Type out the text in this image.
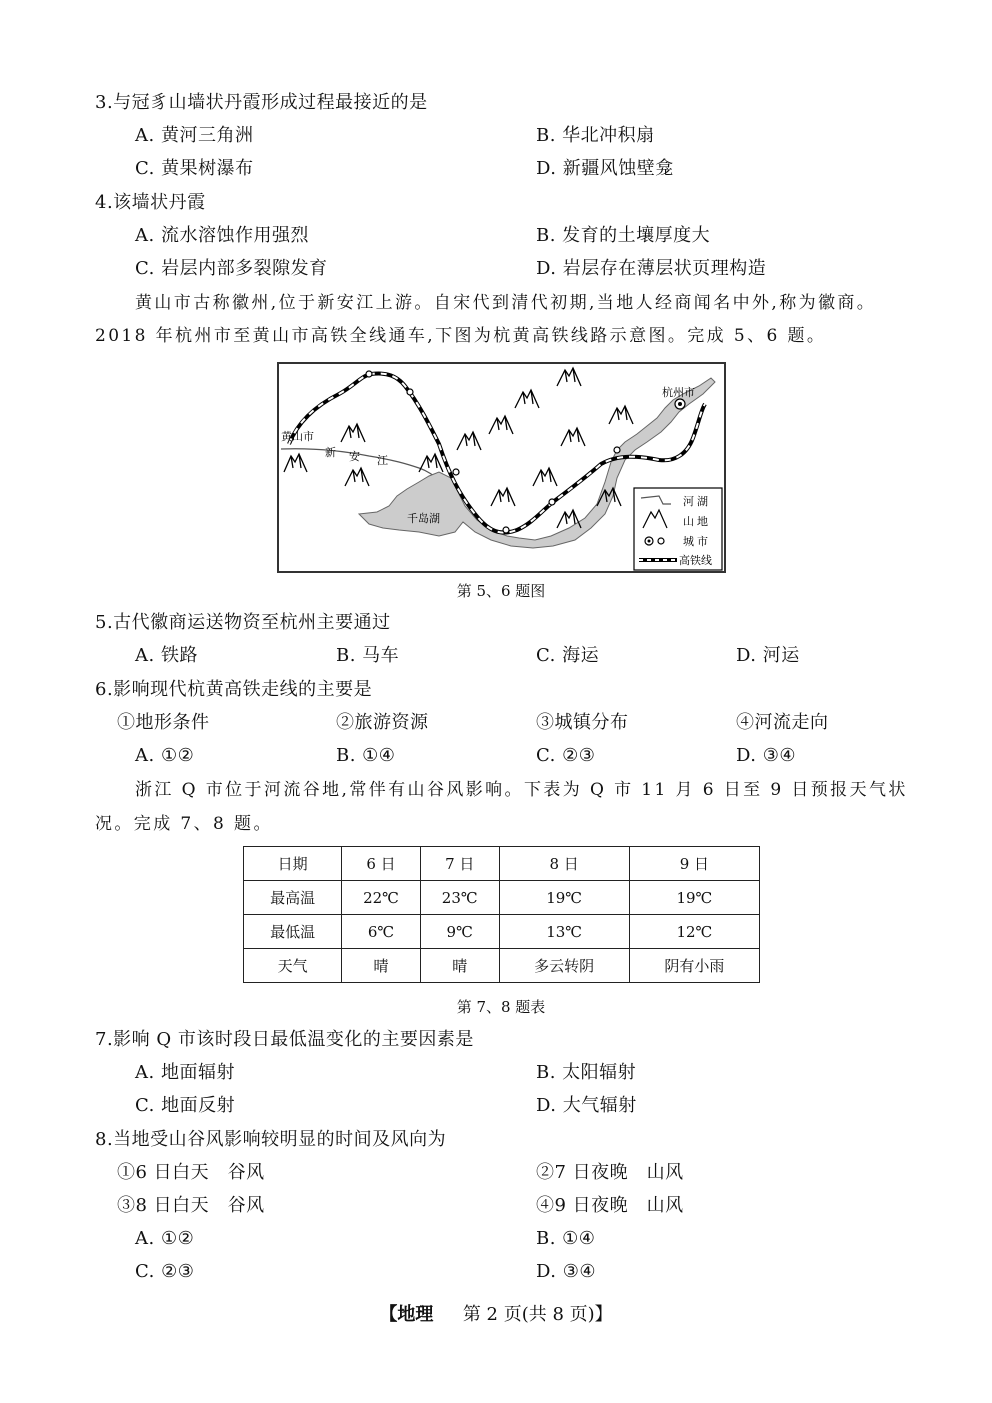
3.与冠豸山墙状丹霞形成过程最接近的是
A. 黄河三角洲	B. 华北冲积扇
C. 黄果树瀑布	D. 新疆风蚀壁龛
4.该墙状丹霞
A. 流水溶蚀作用强烈	B. 发育的土壤厚度大
C. 岩层内部多裂隙发育	D. 岩层存在薄层状页理构造
黄山市古称徽州,位于新安江上游。自宋代到清代初期,当地人经商闻名中外,称为徽商。
2018 年杭州市至黄山市高铁全线通车,下图为杭黄高铁线路示意图。完成 5、6 题。
黄山市
杭州市
千岛湖
新 安 江
河 湖
山 地
城 市
高铁线
第 5、6 题图
5.古代徽商运送物资至杭州主要通过
A. 铁路	B. 马车	C. 海运	D. 河运
6.影响现代杭黄高铁走线的主要是
①地形条件	②旅游资源	③城镇分布	④河流走向
A. ①②	B. ①④	C. ②③	D. ③④
浙江 Q 市位于河流谷地,常伴有山谷风影响。下表为 Q 市 11 月 6 日至 9 日预报天气状
况。完成 7、8 题。
日期	6 日	7 日	8 日	9 日
最高温	22℃	23℃	19℃	19℃
最低温	6℃	9℃	13℃	12℃
天气	晴	晴	多云转阴	阴有小雨
第 7、8 题表
7.影响 Q 市该时段日最低温变化的主要因素是
A. 地面辐射	B. 太阳辐射
C. 地面反射	D. 大气辐射
8.当地受山谷风影响较明显的时间及风向为
①6 日白天　谷风	②7 日夜晚　山风
③8 日白天　谷风	④9 日夜晚　山风
A. ①②	B. ①④
C. ②③	D. ③④
【地理 第 2 页(共 8 页)】
